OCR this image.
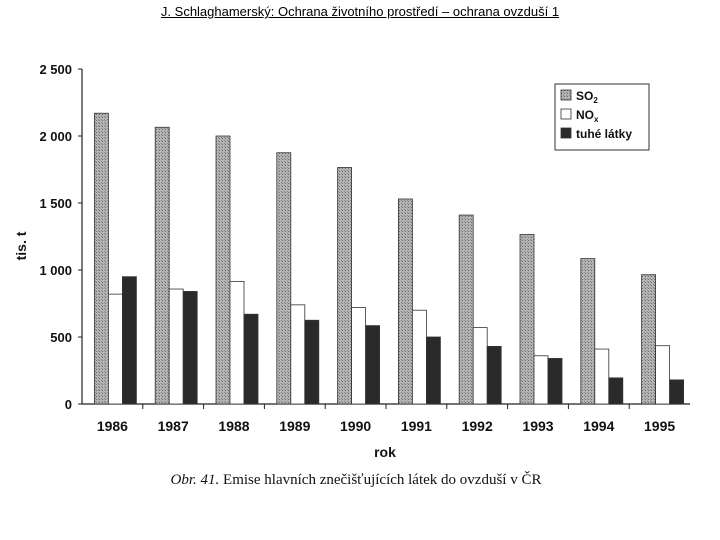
J. Schlaghamerský: Ochrana životního prostředí – ochrana ovzduší 1
0
500
1 000
1 500
2 000
2 500
1986 1987 1988 1989 1990 1991 1992 1993 1994 1995
tis. t
rok
$SO_2$
$NO_x$
tuhé látky
Obr. 41. Emise hlavních znečišťujících látek do ovzduší v ČR
